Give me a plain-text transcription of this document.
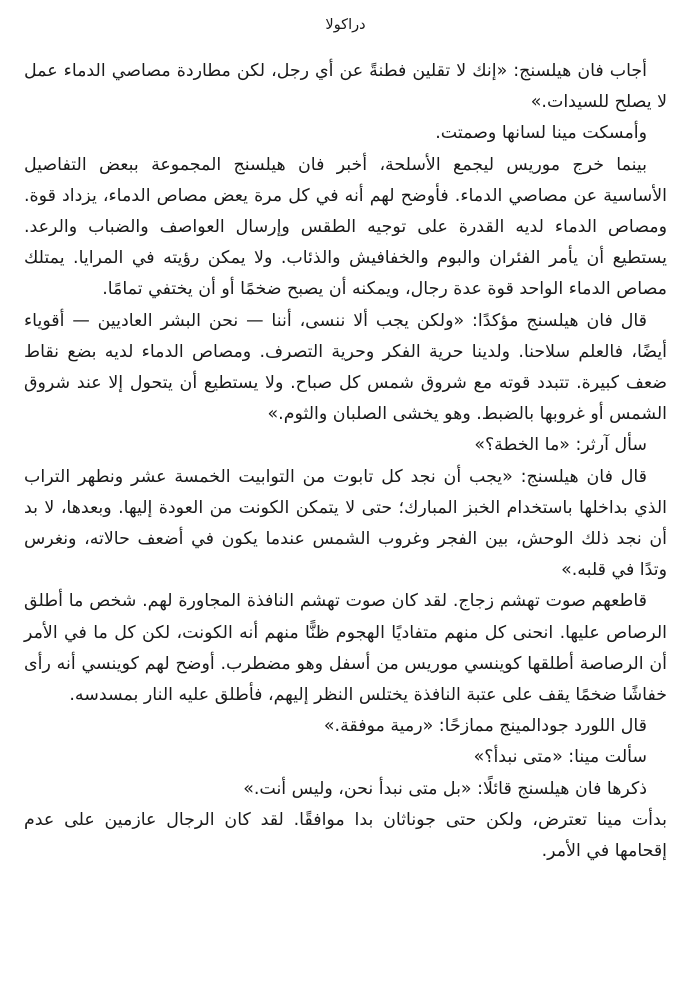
دراكولا

أجاب فان هيلسنج: «إنك لا تقلين فطنةً عن أي رجل، لكن مطاردة مصاصي الدماء عمل لا يصلح للسيدات.»

وأمسكت مينا لسانها وصمتت.

بينما خرج موريس ليجمع الأسلحة، أخبر فان هيلسنج المجموعة ببعض التفاصيل الأساسية عن مصاصي الدماء. فأوضح لهم أنه في كل مرة يعض مصاص الدماء، يزداد قوة. ومصاص الدماء لديه القدرة على توجيه الطقس وإرسال العواصف والضباب والرعد. يستطيع أن يأمر الفئران والبوم والخفافيش والذئاب. ولا يمكن رؤيته في المرايا. يمتلك مصاص الدماء الواحد قوة عدة رجال، ويمكنه أن يصبح ضخمًا أو أن يختفي تمامًا.

قال فان هيلسنج مؤكدًا: «ولكن يجب ألا ننسى، أننا — نحن البشر العاديين — أقوياء أيضًا، فالعلم سلاحنا. ولدينا حرية الفكر وحرية التصرف. ومصاص الدماء لديه بضع نقاط ضعف كبيرة. تتبدد قوته مع شروق شمس كل صباح. ولا يستطيع أن يتحول إلا عند شروق الشمس أو غروبها بالضبط. وهو يخشى الصلبان والثوم.»

سأل آرثر: «ما الخطة؟»

قال فان هيلسنج: «يجب أن نجد كل تابوت من التوابيت الخمسة عشر ونطهر التراب الذي بداخلها باستخدام الخبز المبارك؛ حتى لا يتمكن الكونت من العودة إليها. وبعدها، لا بد أن نجد ذلك الوحش، بين الفجر وغروب الشمس عندما يكون في أضعف حالاته، ونغرس وتدًا في قلبه.»

قاطعهم صوت تهشم زجاج. لقد كان صوت تهشم النافذة المجاورة لهم. شخص ما أطلق الرصاص عليها. انحنى كل منهم متفاديًا الهجوم ظنًّا منهم أنه الكونت، لكن كل ما في الأمر أن الرصاصة أطلقها كوينسي موريس من أسفل وهو مضطرب. أوضح لهم كوينسي أنه رأى خفاشًا ضخمًا يقف على عتبة النافذة يختلس النظر إليهم، فأطلق عليه النار بمسدسه.

قال اللورد جودالمينج ممازحًا: «رمية موفقة.»

سألت مينا: «متى نبدأ؟»

ذكرها فان هيلسنج قائلًا: «بل متى نبدأ نحن، وليس أنت.»

بدأت مينا تعترض، ولكن حتى جوناثان بدا موافقًا. لقد كان الرجال عازمين على عدم إقحامها في الأمر.
